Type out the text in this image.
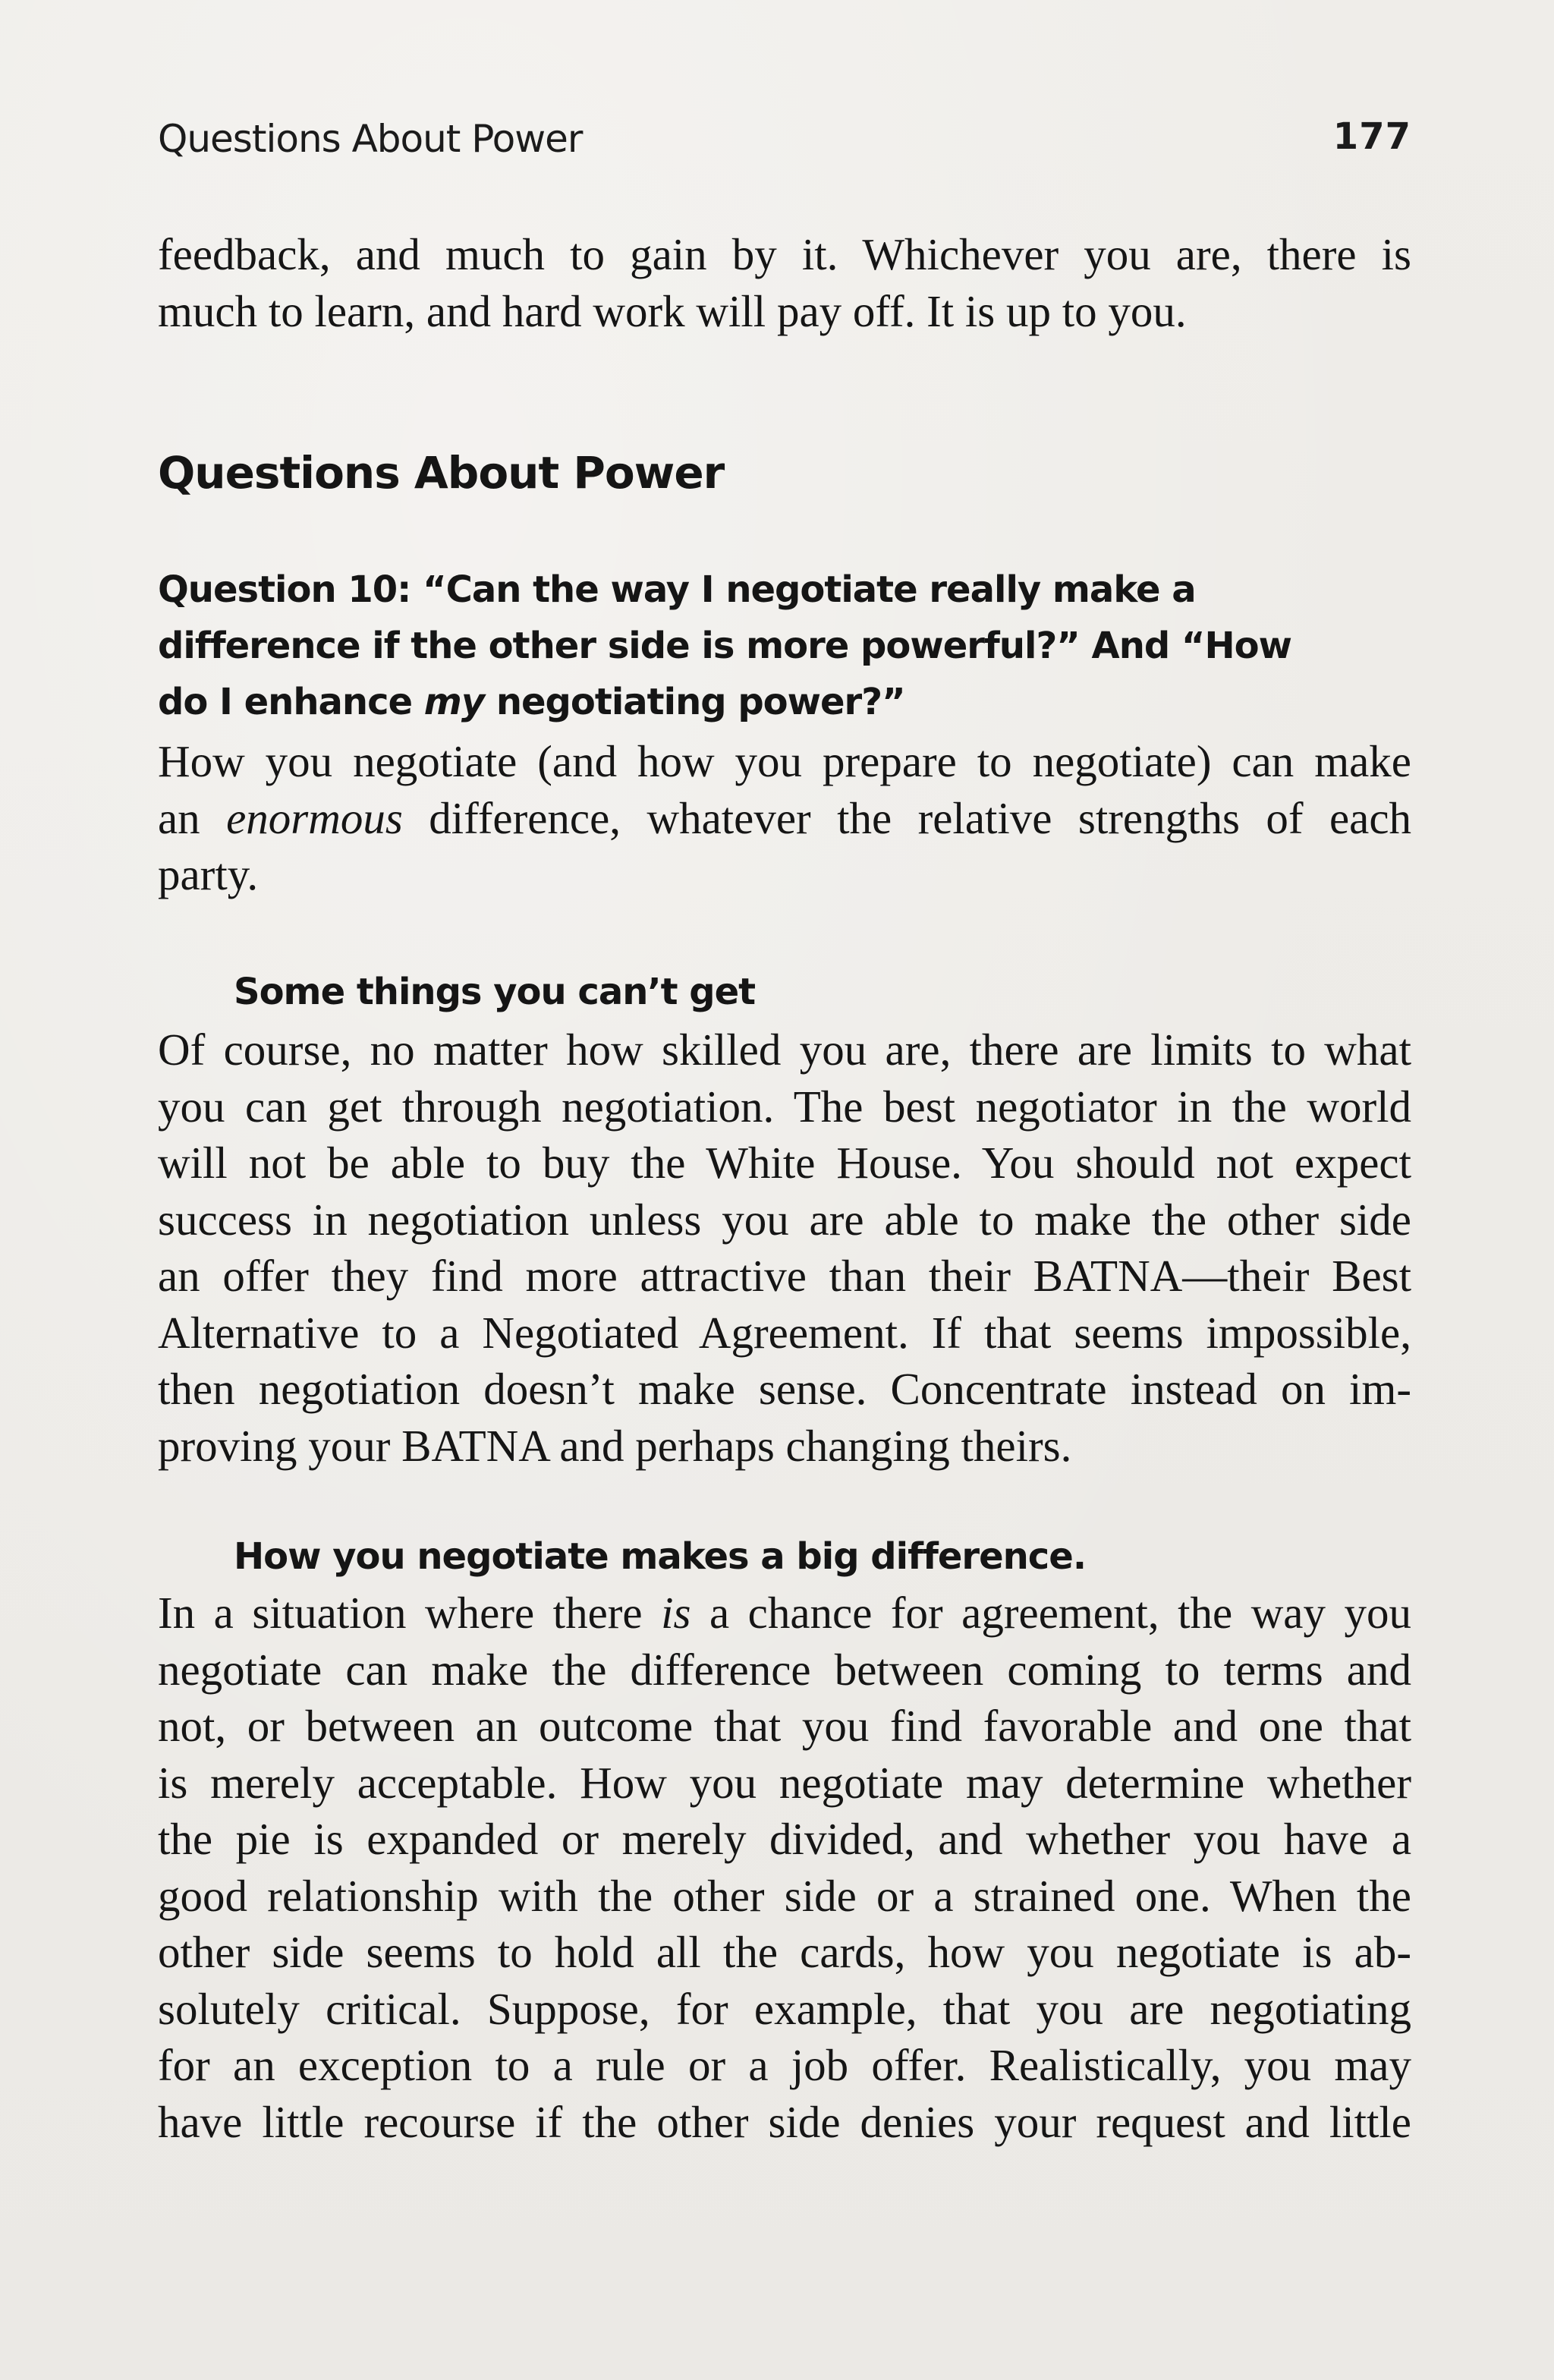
Questions About Power	177
feedback, and much to gain by it. Whichever you are, there is
much to learn, and hard work will pay off. It is up to you.
Questions About Power
Question 10: “Can the way I negotiate really make a
difference if the other side is more powerful?” And “How
do I enhance my negotiating power?”
How you negotiate (and how you prepare to negotiate) can make
an enormous difference, whatever the relative strengths of each
party.
Some things you can’t get
Of course, no matter how skilled you are, there are limits to what
you can get through negotiation. The best negotiator in the world
will not be able to buy the White House. You should not expect
success in negotiation unless you are able to make the other side
an offer they find more attractive than their BATNA—their Best
Alternative to a Negotiated Agreement. If that seems impossible,
then negotiation doesn’t make sense. Concentrate instead on im-
proving your BATNA and perhaps changing theirs.
How you negotiate makes a big difference.
In a situation where there is a chance for agreement, the way you
negotiate can make the difference between coming to terms and
not, or between an outcome that you find favorable and one that
is merely acceptable. How you negotiate may determine whether
the pie is expanded or merely divided, and whether you have a
good relationship with the other side or a strained one. When the
other side seems to hold all the cards, how you negotiate is ab-
solutely critical. Suppose, for example, that you are negotiating
for an exception to a rule or a job offer. Realistically, you may
have little recourse if the other side denies your request and little
